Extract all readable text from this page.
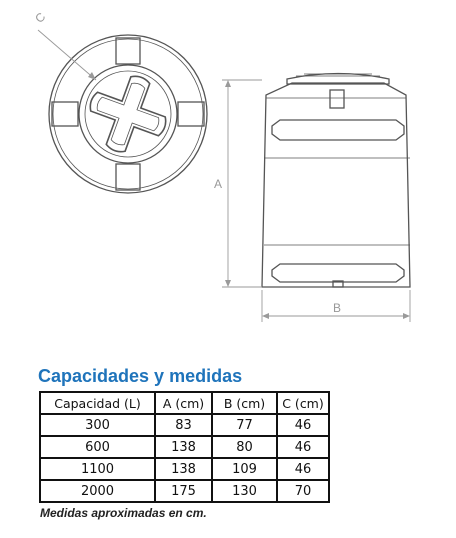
C
A
B
Capacidades y medidas
Capacidad (L)	A (cm)	B (cm)	C (cm)
300	83	77	46
600	138	80	46
1100	138	109	46
2000	175	130	70
Medidas aproximadas en cm.
